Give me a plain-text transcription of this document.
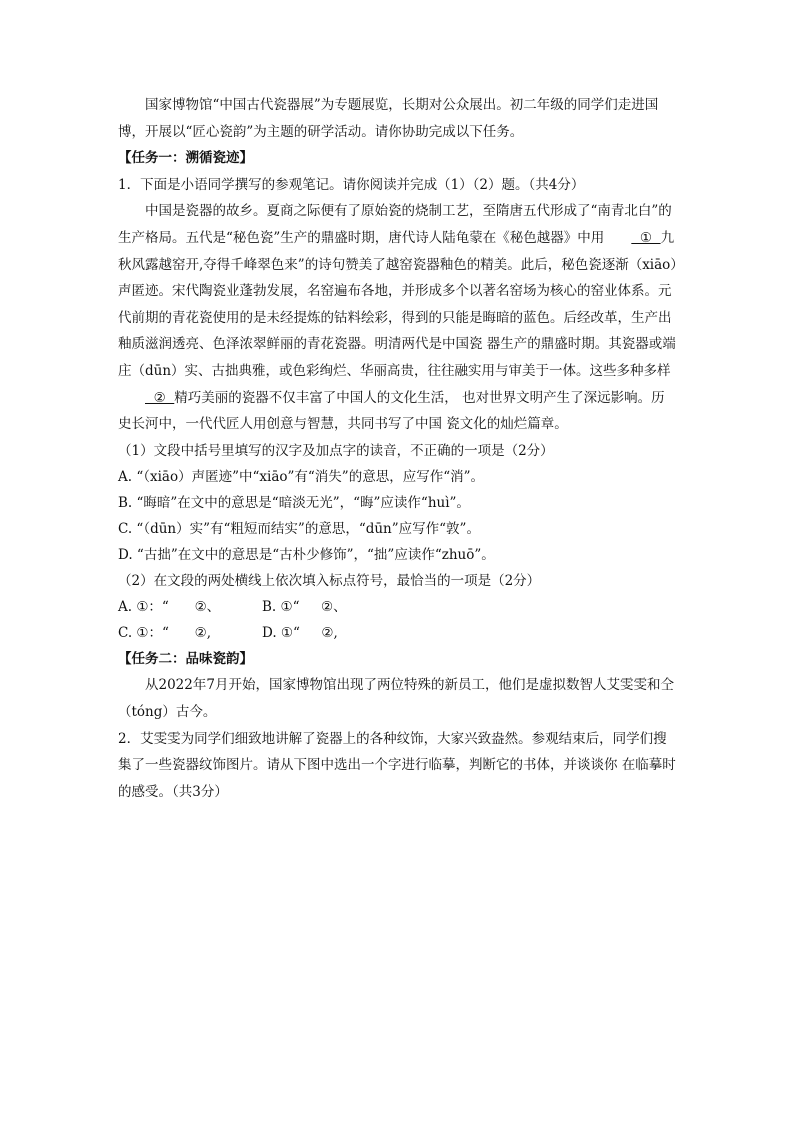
国家博物馆“中国古代瓷器展”为专题展览，长期对公众展出。初二年级的同学们走进国博，开展以“匠心瓷韵”为主题的研学活动。请你协助完成以下任务。

【任务一：溯循瓷迹】

1．下面是小语同学撰写的参观笔记。请你阅读并完成（1）（2）题。（共4分）

中国是瓷器的故乡。夏商之际便有了原始瓷的烧制工艺，至隋唐五代形成了“南青北白”的生产格局。五代是“秘色瓷”生产的鼎盛时期，唐代诗人陆龟蒙在《秘色越器》中用  ①  九秋风露越窑开,夺得千峰翠色来”的诗句赞美了越窑瓷器釉色的精美。此后，秘色瓷逐渐（xiāo）声匿迹。宋代陶瓷业蓬勃发展，名窑遍布各地，并形成多个以著名窑场为核心的窑业体系。元代前期的青花瓷使用的是未经提炼的钴料绘彩，得到的只能是晦暗的蓝色。后经改革，生产出釉质滋润透亮、色泽浓翠鲜丽的青花瓷器。明清两代是中国瓷 器生产的鼎盛时期。其瓷器或端庄（dūn）实、古拙典雅，或色彩绚烂、华丽高贵，往往融实用与审美于一体。这些多种多样  ②  精巧美丽的瓷器不仅丰富了中国人的文化生活， 也对世界文明产生了深远影响。历史长河中，一代代匠人用创意与智慧，共同书写了中国 瓷文化的灿烂篇章。

（1）文段中括号里填写的汉字及加点字的读音，不正确的一项是（2分）

A. “（xiāo）声匿迹”中“xiāo”有“消失”的意思，应写作“消”。

B. “晦暗”在文中的意思是“暗淡无光”，“晦”应读作“huì”。

C. “（dūn）实”有“粗短而结实”的意思，“dūn”应写作“敦”。

D. “古拙”在文中的意思是“古朴少修饰”，“拙”应读作“zhuō”。

（2）在文段的两处横线上依次填入标点符号，最恰当的一项是（2分）

A. ①：“      ②、	B. ①“     ②、

C. ①：“      ②,	D. ①“     ②,

【任务二：品味瓷韵】

从2022年7月开始，国家博物馆出现了两位特殊的新员工，他们是虚拟数智人艾雯雯和仝（tóng）古今。

2．艾雯雯为同学们细致地讲解了瓷器上的各种纹饰，大家兴致盎然。参观结束后，同学们搜集了一些瓷器纹饰图片。请从下图中选出一个字进行临摹，判断它的书体，并谈谈你 在临摹时的感受。（共3分）
